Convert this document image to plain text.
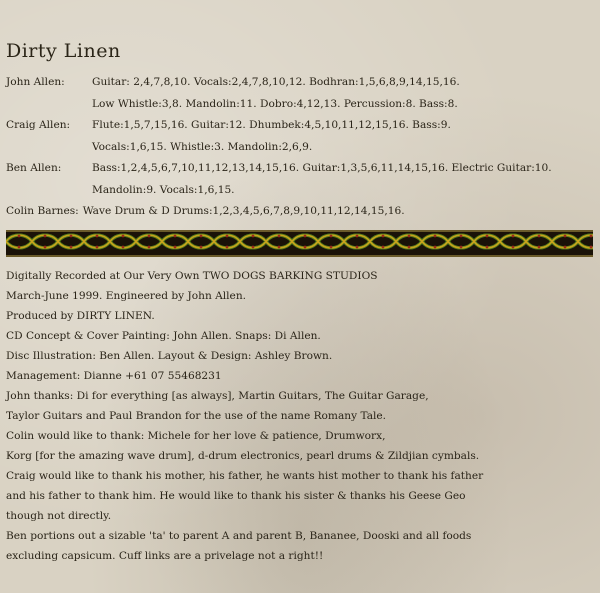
Dirty Linen
John Allen:	Guitar: 2,4,7,8,10. Vocals:2,4,7,8,10,12. Bodhran:1,5,6,8,9,14,15,16.
Low Whistle:3,8. Mandolin:11. Dobro:4,12,13. Percussion:8. Bass:8.
Craig Allen:	Flute:1,5,7,15,16. Guitar:12. Dhumbek:4,5,10,11,12,15,16. Bass:9.
Vocals:1,6,15. Whistle:3. Mandolin:2,6,9.
Ben Allen:	Bass:1,2,4,5,6,7,10,11,12,13,14,15,16. Guitar:1,3,5,6,11,14,15,16. Electric Guitar:10.
Mandolin:9. Vocals:1,6,15.
Colin Barnes: Wave Drum & D Drums:1,2,3,4,5,6,7,8,9,10,11,12,14,15,16.
Digitally Recorded at Our Very Own TWO DOGS BARKING STUDIOS
March-June 1999. Engineered by John Allen.
Produced by DIRTY LINEN.
CD Concept & Cover Painting: John Allen. Snaps: Di Allen.
Disc Illustration: Ben Allen. Layout & Design: Ashley Brown.
Management: Dianne +61 07 55468231
John thanks: Di for everything [as always], Martin Guitars, The Guitar Garage,
Taylor Guitars and Paul Brandon for the use of the name Romany Tale.
Colin would like to thank: Michele for her love & patience, Drumworx,
Korg [for the amazing wave drum], d-drum electronics, pearl drums & Zildjian cymbals.
Craig would like to thank his mother, his father, he wants hist mother to thank his father
and his father to thank him. He would like to thank his sister & thanks his Geese Geo
though not directly.
Ben portions out a sizable 'ta' to parent A and parent B, Bananee, Dooski and all foods
excluding capsicum. Cuff links are a privelage not a right!!
